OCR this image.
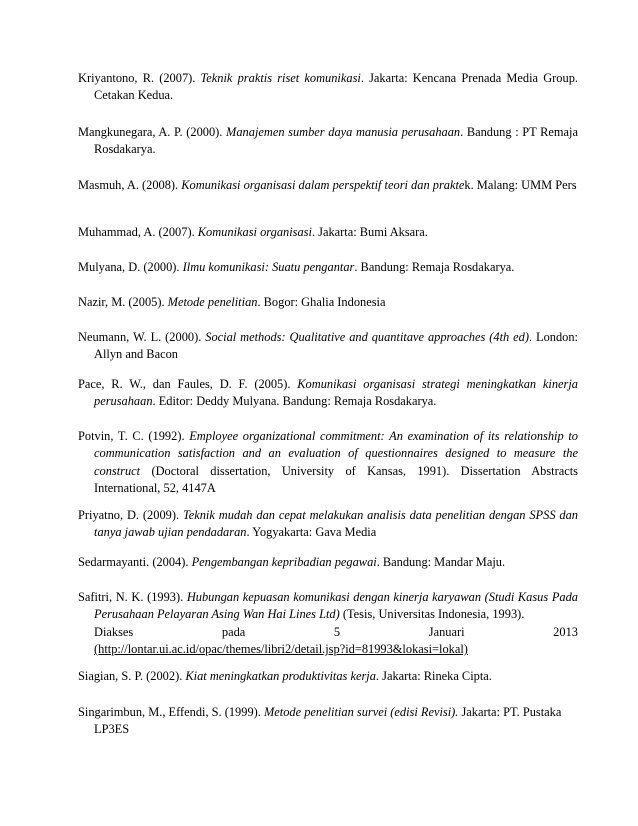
Kriyantono, R. (2007). Teknik praktis riset komunikasi. Jakarta: Kencana Prenada Media Group. Cetakan Kedua.

Mangkunegara, A. P. (2000). Manajemen sumber daya manusia perusahaan. Bandung : PT Remaja Rosdakarya.

Masmuh, A. (2008). Komunikasi organisasi dalam perspektif teori dan praktek. Malang: UMM Pers

Muhammad, A. (2007). Komunikasi organisasi. Jakarta: Bumi Aksara.

Mulyana, D. (2000). Ilmu komunikasi: Suatu pengantar. Bandung: Remaja Rosdakarya.

Nazir, M. (2005). Metode penelitian. Bogor: Ghalia Indonesia

Neumann, W. L. (2000). Social methods: Qualitative and quantitave approaches (4th ed). London: Allyn and Bacon

Pace, R. W., dan Faules, D. F. (2005). Komunikasi organisasi strategi meningkatkan kinerja perusahaan. Editor: Deddy Mulyana. Bandung: Remaja Rosdakarya.

Potvin, T. C. (1992). Employee organizational commitment: An examination of its relationship to communication satisfaction and an evaluation of questionnaires designed to measure the construct (Doctoral dissertation, University of Kansas, 1991). Dissertation Abstracts International, 52, 4147A

Priyatno, D. (2009). Teknik mudah dan cepat melakukan analisis data penelitian dengan SPSS dan tanya jawab ujian pendadaran. Yogyakarta: Gava Media

Sedarmayanti. (2004). Pengembangan kepribadian pegawai. Bandung: Mandar Maju.

Safitri, N. K. (1993). Hubungan kepuasan komunikasi dengan kinerja karyawan (Studi Kasus Pada Perusahaan Pelayaran Asing Wan Hai Lines Ltd) (Tesis, Universitas Indonesia, 1993).
Diakses	pada	5	Januari	2013
(http://lontar.ui.ac.id/opac/themes/libri2/detail.jsp?id=81993&lokasi=lokal)

Siagian, S. P. (2002). Kiat meningkatkan produktivitas kerja. Jakarta: Rineka Cipta.

Singarimbun, M., Effendi, S. (1999). Metode penelitian survei (edisi Revisi). Jakarta: PT. Pustaka LP3ES
